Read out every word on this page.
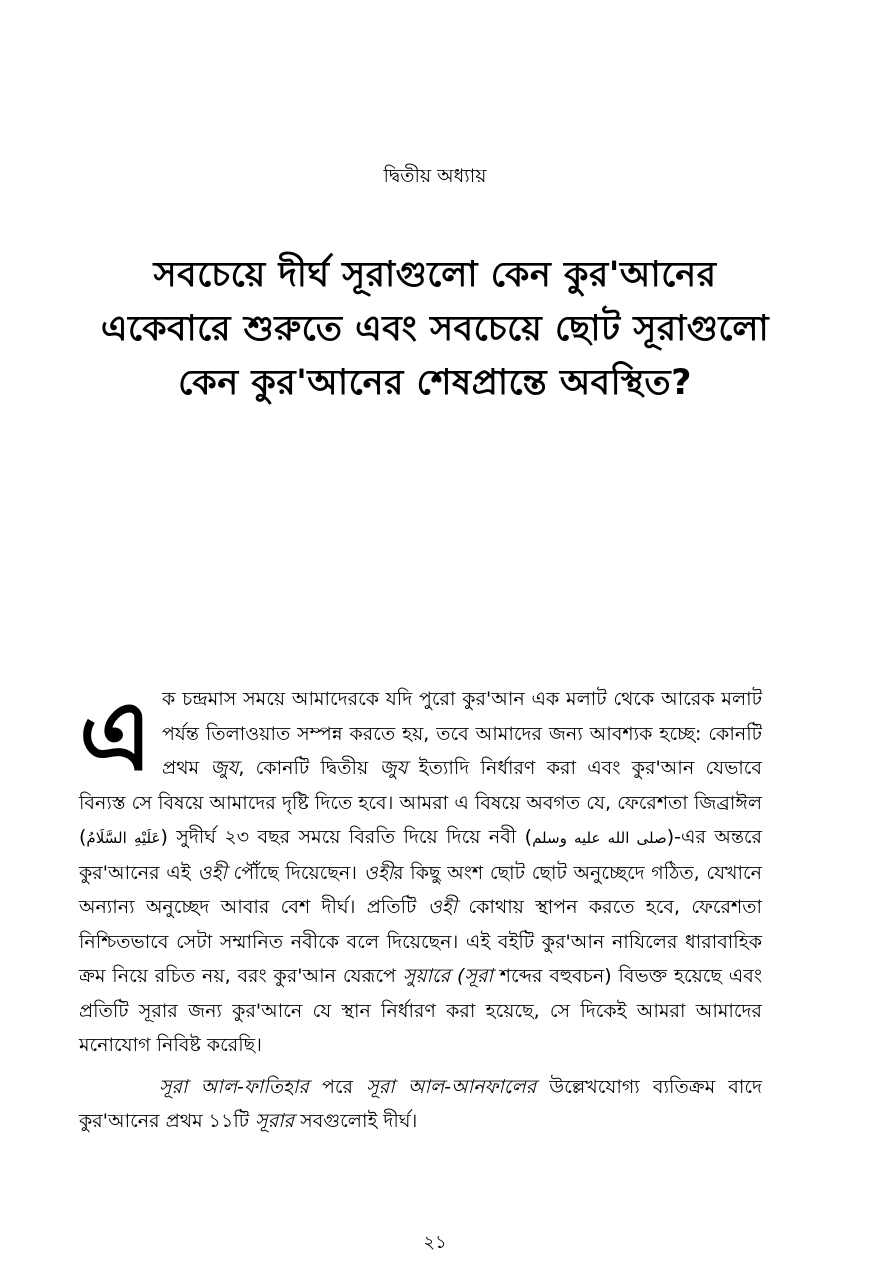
দ্বিতীয় অধ্যায়
সবচেয়ে দীর্ঘ সূরাগুলো কেন কুর'আনের
একেবারে শুরুতে এবং সবচেয়ে ছোট সূরাগুলো
কেন কুর'আনের শেষপ্রান্তে অবস্থিত?

এক চন্দ্রমাস সময়ে আমাদেরকে যদি পুরো কুর'আন এক মলাট থেকে আরেক মলাট পর্যন্ত তিলাওয়াত সম্পন্ন করতে হয়, তবে আমাদের জন্য আবশ্যক হচ্ছে: কোনটি প্রথম জুয, কোনটি দ্বিতীয় জুয ইত্যাদি নির্ধারণ করা এবং কুর'আন যেভাবে বিন্যস্ত সে বিষয়ে আমাদের দৃষ্টি দিতে হবে। আমরা এ বিষয়ে অবগত যে, ফেরেশতা জিব্রাঈল (عَلَيْهِ السَّلَامُ) সুদীর্ঘ ২৩ বছর সময়ে বিরতি দিয়ে দিয়ে নবী (صلى الله عليه وسلم)-এর অন্তরে কুর'আনের এই ওহী পৌঁছে দিয়েছেন। ওহীর কিছু অংশ ছোট ছোট অনুচ্ছেদে গঠিত, যেখানে অন্যান্য অনুচ্ছেদ আবার বেশ দীর্ঘ। প্রতিটি ওহী কোথায় স্থাপন করতে হবে, ফেরেশতা নিশ্চিতভাবে সেটা সম্মানিত নবীকে বলে দিয়েছেন। এই বইটি কুর'আন নাযিলের ধারাবাহিক ক্রম নিয়ে রচিত নয়, বরং কুর'আন যেরূপে সুয়ারে (সূরা শব্দের বহুবচন) বিভক্ত হয়েছে এবং প্রতিটি সূরার জন্য কুর'আনে যে স্থান নির্ধারণ করা হয়েছে, সে দিকেই আমরা আমাদের মনোযোগ নিবিষ্ট করেছি।

সূরা আল-ফাতিহার পরে সূরা আল-আনফালের উল্লেখযোগ্য ব্যতিক্রম বাদে কুর'আনের প্রথম ১১টি সূরার সবগুলোই দীর্ঘ।

২১
